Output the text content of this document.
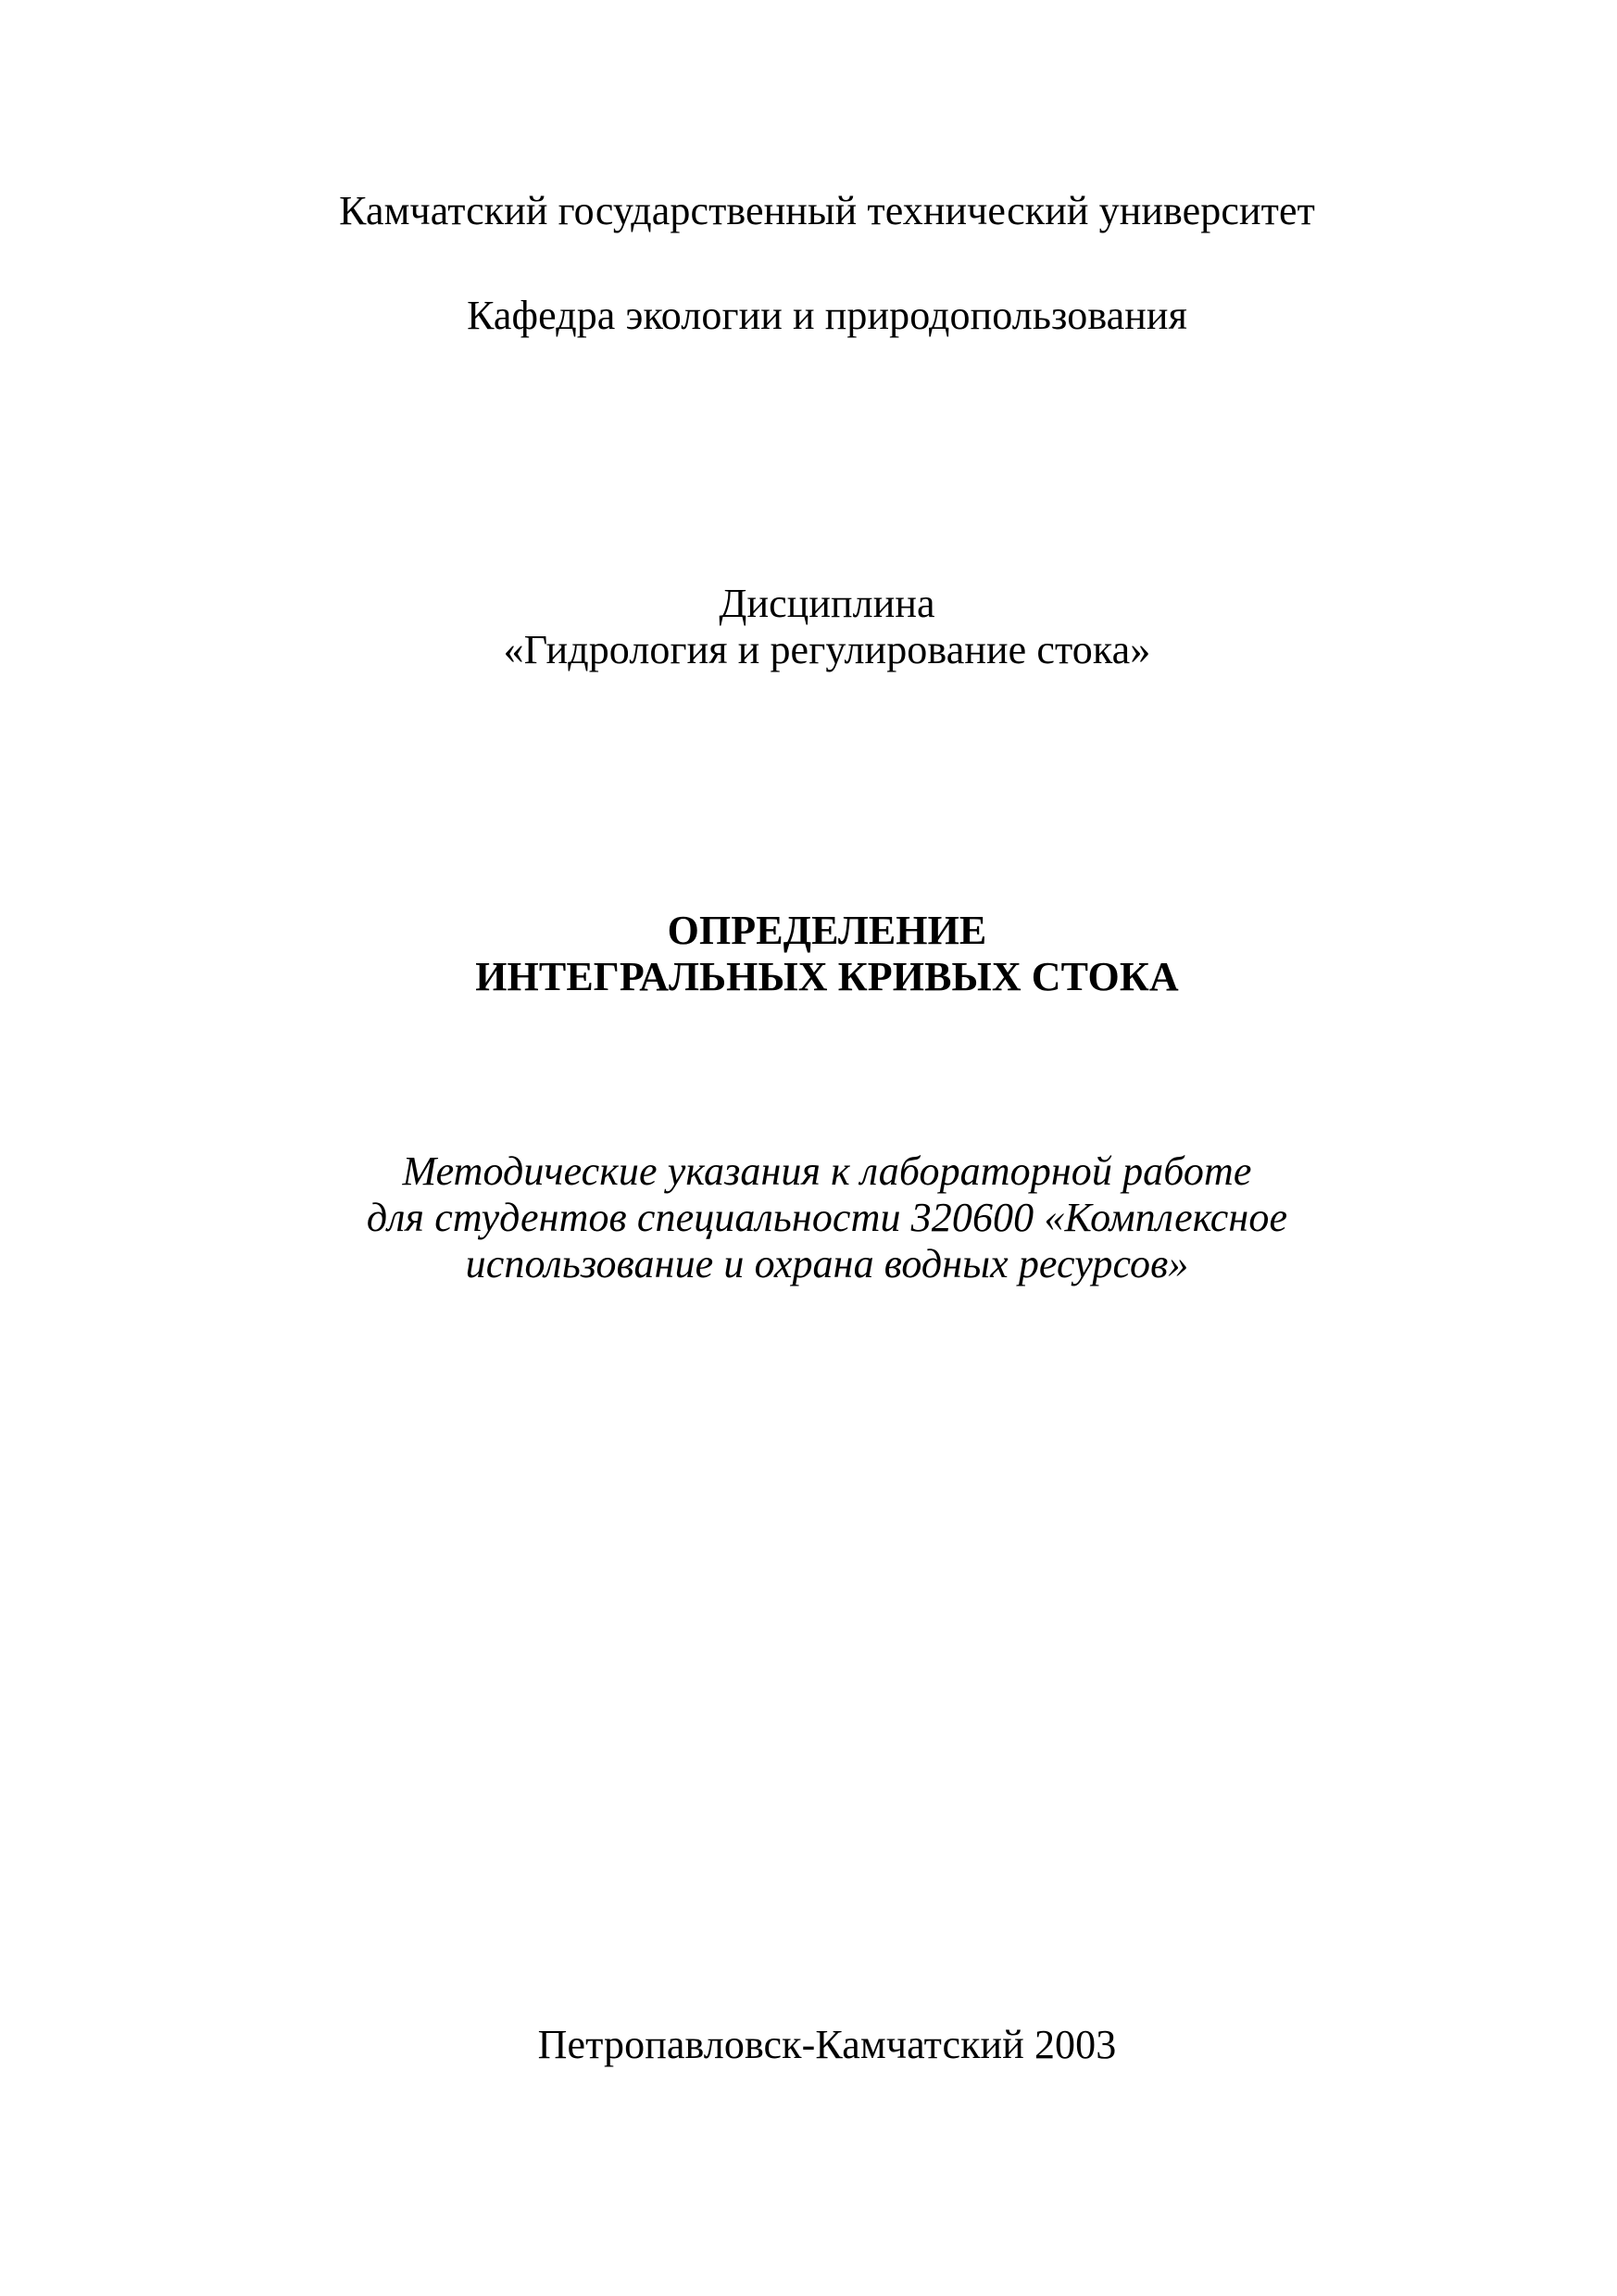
Камчатский государственный технический университет
Кафедра экологии и природопользования
Дисциплина
«Гидрология и регулирование стока»
ОПРЕДЕЛЕНИЕ
ИНТЕГРАЛЬНЫХ КРИВЫХ СТОКА
Методические указания к лабораторной работе
для студентов специальности 320600 «Комплексное
использование и охрана водных ресурсов»
Петропавловск-Камчатский 2003
